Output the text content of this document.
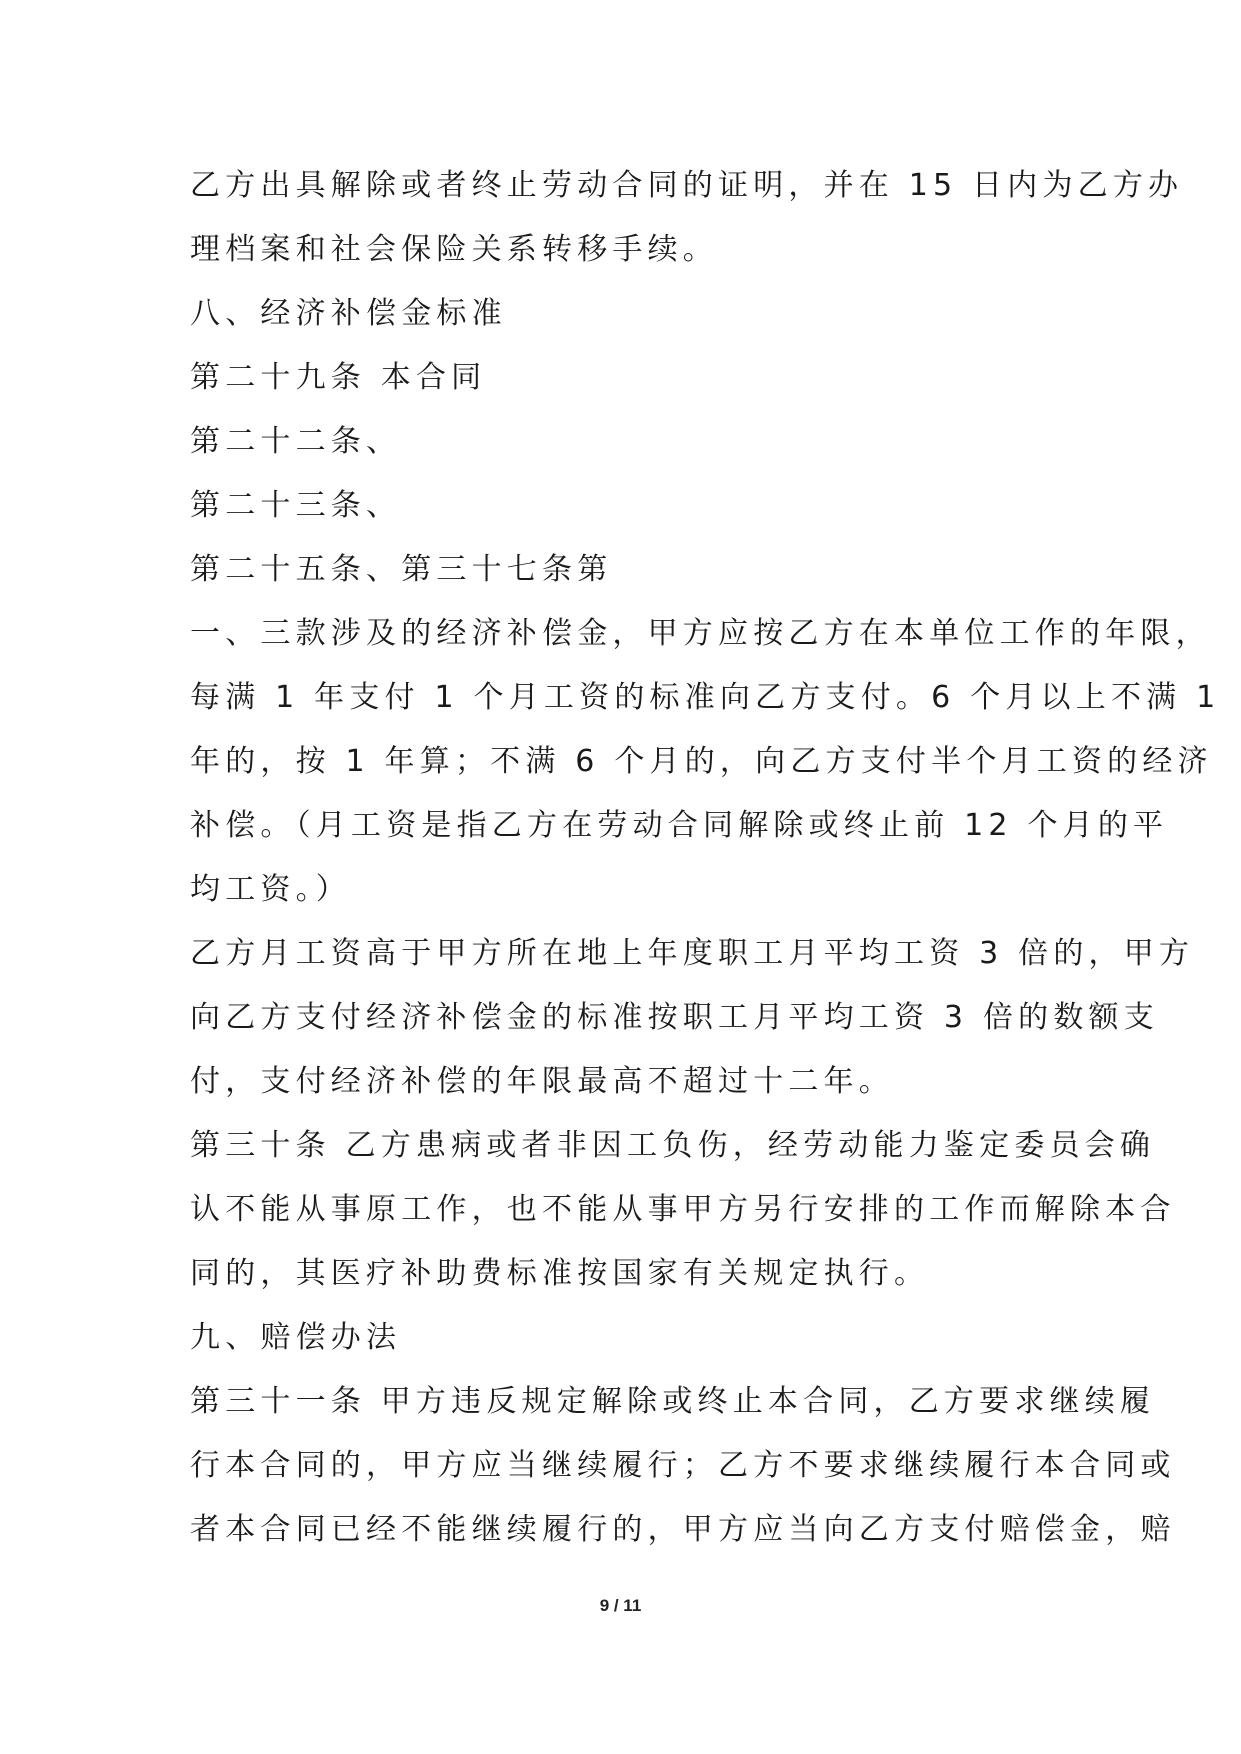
乙方出具解除或者终止劳动合同的证明，并在 15 日内为乙方办
理档案和社会保险关系转移手续。
八、经济补偿金标准
第二十九条 本合同
第二十二条、
第二十三条、
第二十五条、第三十七条第
一、三款涉及的经济补偿金，甲方应按乙方在本单位工作的年限，
每满 1 年支付 1 个月工资的标准向乙方支付。6 个月以上不满 1
年的，按 1 年算；不满 6 个月的，向乙方支付半个月工资的经济
补偿。（月工资是指乙方在劳动合同解除或终止前 12 个月的平
均工资。）
乙方月工资高于甲方所在地上年度职工月平均工资 3 倍的，甲方
向乙方支付经济补偿金的标准按职工月平均工资 3 倍的数额支
付，支付经济补偿的年限最高不超过十二年。
第三十条 乙方患病或者非因工负伤，经劳动能力鉴定委员会确
认不能从事原工作，也不能从事甲方另行安排的工作而解除本合
同的，其医疗补助费标准按国家有关规定执行。
九、赔偿办法
第三十一条 甲方违反规定解除或终止本合同，乙方要求继续履
行本合同的，甲方应当继续履行；乙方不要求继续履行本合同或
者本合同已经不能继续履行的，甲方应当向乙方支付赔偿金，赔
9 / 11
